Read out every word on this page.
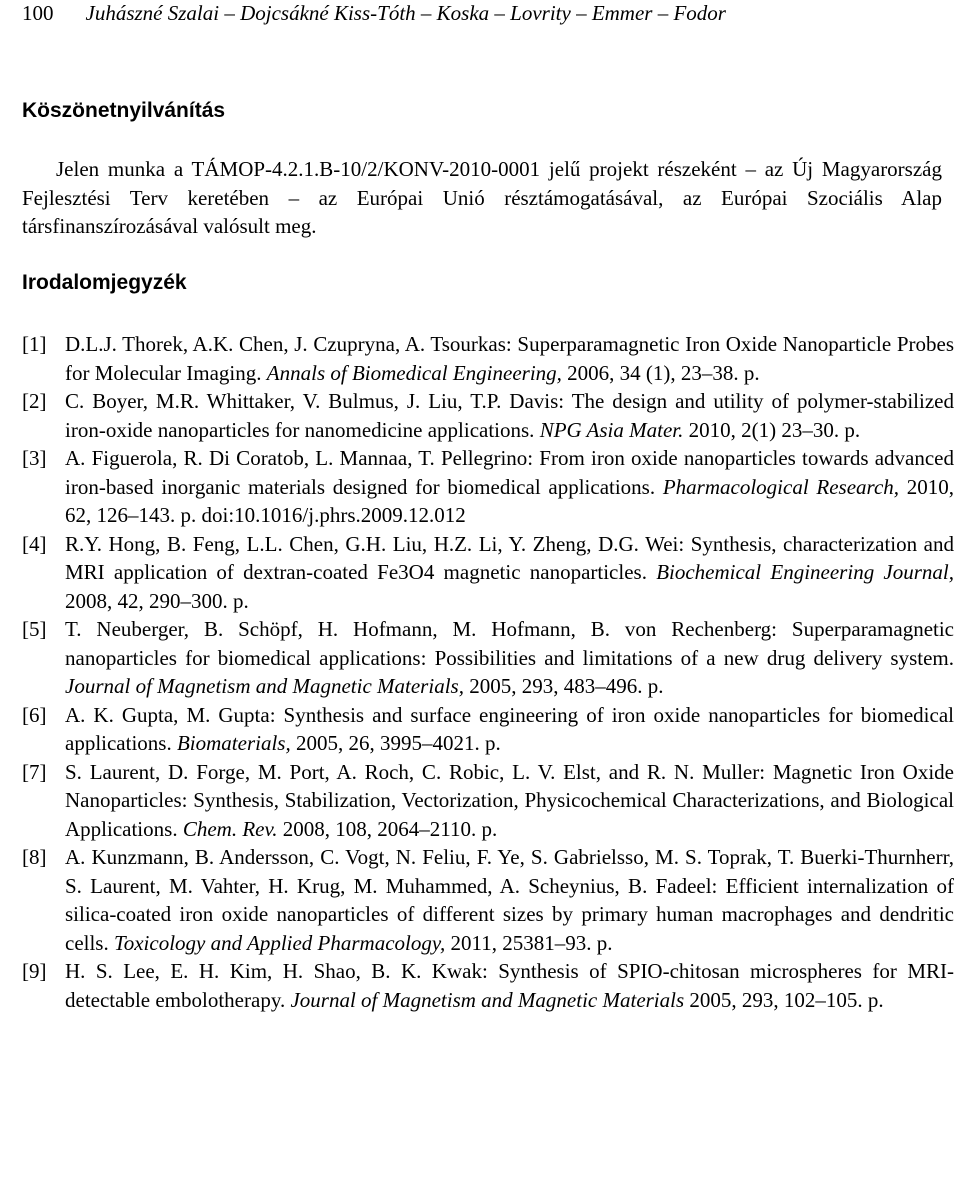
100 Juhászné Szalai – Dojcsákné Kiss-Tóth – Koska – Lovrity – Emmer – Fodor
Köszönetnyilvánítás
Jelen munka a TÁMOP-4.2.1.B-10/2/KONV-2010-0001 jelű projekt részeként – az Új Magyarország Fejlesztési Terv keretében – az Európai Unió résztámogatásával, az Európai Szociális Alap társfinanszírozásával valósult meg.
Irodalomjegyzék
[1] D.L.J. Thorek, A.K. Chen, J. Czupryna, A. Tsourkas: Superparamagnetic Iron Oxide Nanoparticle Probes for Molecular Imaging. Annals of Biomedical Engineering, 2006, 34 (1), 23–38. p.
[2] C. Boyer, M.R. Whittaker, V. Bulmus, J. Liu, T.P. Davis: The design and utility of polymer-stabilized iron-oxide nanoparticles for nanomedicine applications. NPG Asia Mater. 2010, 2(1) 23–30. p.
[3] A. Figuerola, R. Di Coratob, L. Mannaa, T. Pellegrino: From iron oxide nanoparticles towards advanced iron-based inorganic materials designed for biomedical applications. Pharmacological Research, 2010, 62, 126–143. p. doi:10.1016/j.phrs.2009.12.012
[4] R.Y. Hong, B. Feng, L.L. Chen, G.H. Liu, H.Z. Li, Y. Zheng, D.G. Wei: Synthesis, characterization and MRI application of dextran-coated Fe3O4 magnetic nanoparticles. Biochemical Engineering Journal, 2008, 42, 290–300. p.
[5] T. Neuberger, B. Schöpf, H. Hofmann, M. Hofmann, B. von Rechenberg: Superparamagnetic nanoparticles for biomedical applications: Possibilities and limitations of a new drug delivery system. Journal of Magnetism and Magnetic Materials, 2005, 293, 483–496. p.
[6] A. K. Gupta, M. Gupta: Synthesis and surface engineering of iron oxide nanoparticles for biomedical applications. Biomaterials, 2005, 26, 3995–4021. p.
[7] S. Laurent, D. Forge, M. Port, A. Roch, C. Robic, L. V. Elst, and R. N. Muller: Magnetic Iron Oxide Nanoparticles: Synthesis, Stabilization, Vectorization, Physicochemical Characterizations, and Biological Applications. Chem. Rev. 2008, 108, 2064–2110. p.
[8] A. Kunzmann, B. Andersson, C. Vogt, N. Feliu, F. Ye, S. Gabrielsso, M. S. Toprak, T. Buerki-Thurnherr, S. Laurent, M. Vahter, H. Krug, M. Muhammed, A. Scheynius, B. Fadeel: Efficient internalization of silica-coated iron oxide nanoparticles of different sizes by primary human macrophages and dendritic cells. Toxicology and Applied Pharmacology, 2011, 25381–93. p.
[9] H. S. Lee, E. H. Kim, H. Shao, B. K. Kwak: Synthesis of SPIO-chitosan microspheres for MRI-detectable embolotherapy. Journal of Magnetism and Magnetic Materials 2005, 293, 102–105. p.
